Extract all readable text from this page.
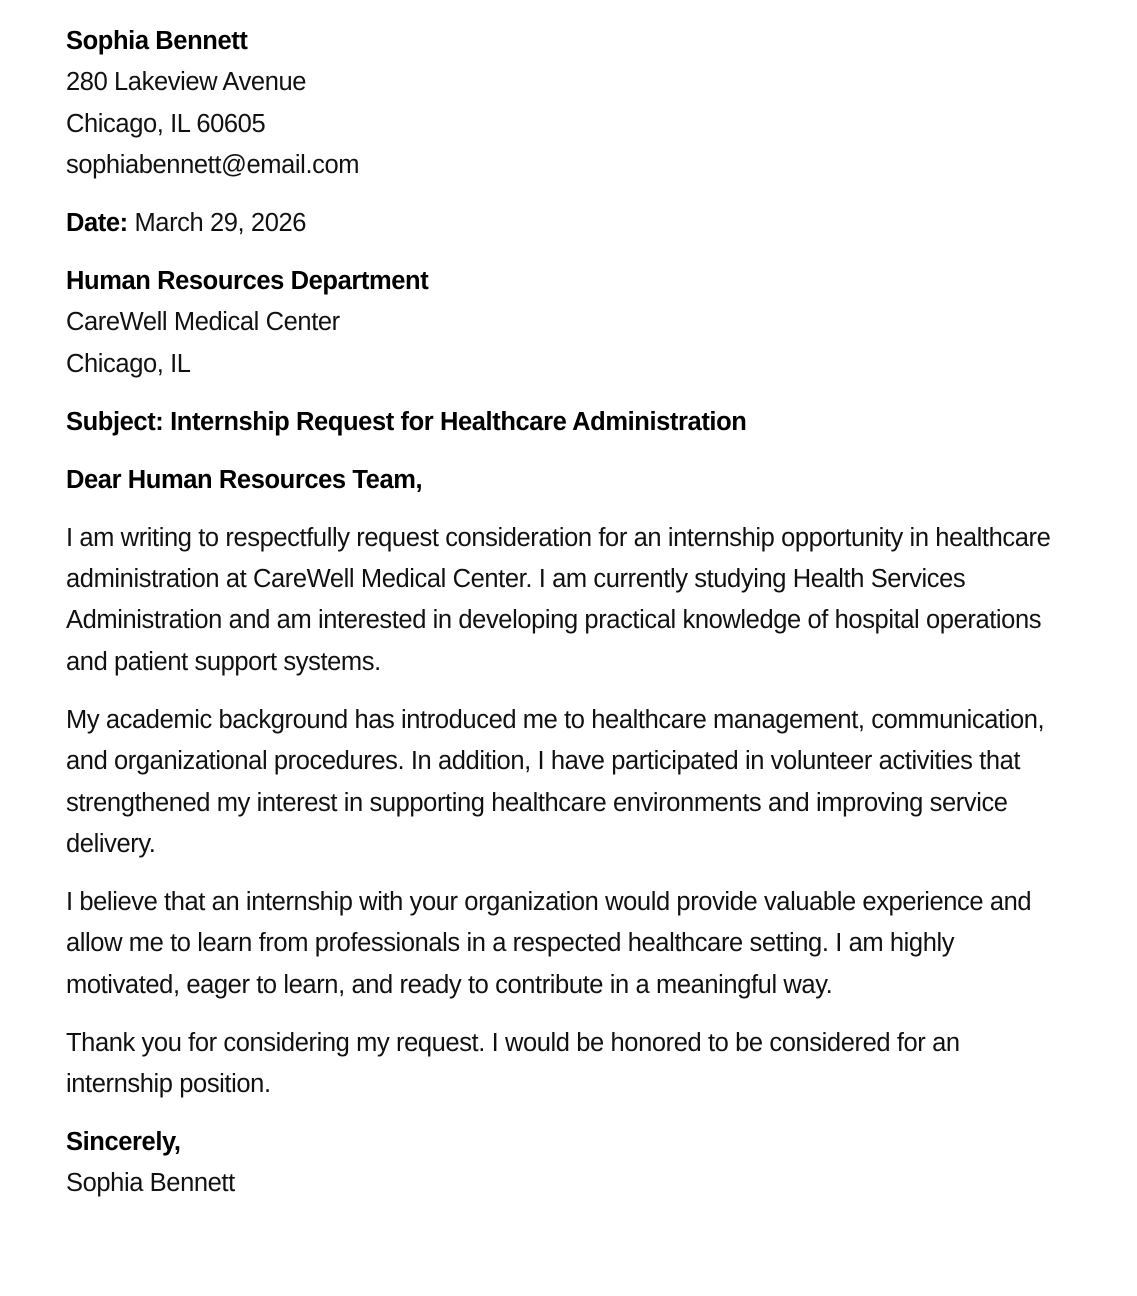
Sophia Bennett
280 Lakeview Avenue
Chicago, IL 60605
sophiabennett@email.com
Date: March 29, 2026
Human Resources Department
CareWell Medical Center
Chicago, IL
Subject: Internship Request for Healthcare Administration
Dear Human Resources Team,

I am writing to respectfully request consideration for an internship opportunity in healthcare administration at CareWell Medical Center. I am currently studying Health Services Administration and am interested in developing practical knowledge of hospital operations and patient support systems.

My academic background has introduced me to healthcare management, communication, and organizational procedures. In addition, I have participated in volunteer activities that strengthened my interest in supporting healthcare environments and improving service delivery.

I believe that an internship with your organization would provide valuable experience and allow me to learn from professionals in a respected healthcare setting. I am highly motivated, eager to learn, and ready to contribute in a meaningful way.

Thank you for considering my request. I would be honored to be considered for an internship position.

Sincerely,
Sophia Bennett
